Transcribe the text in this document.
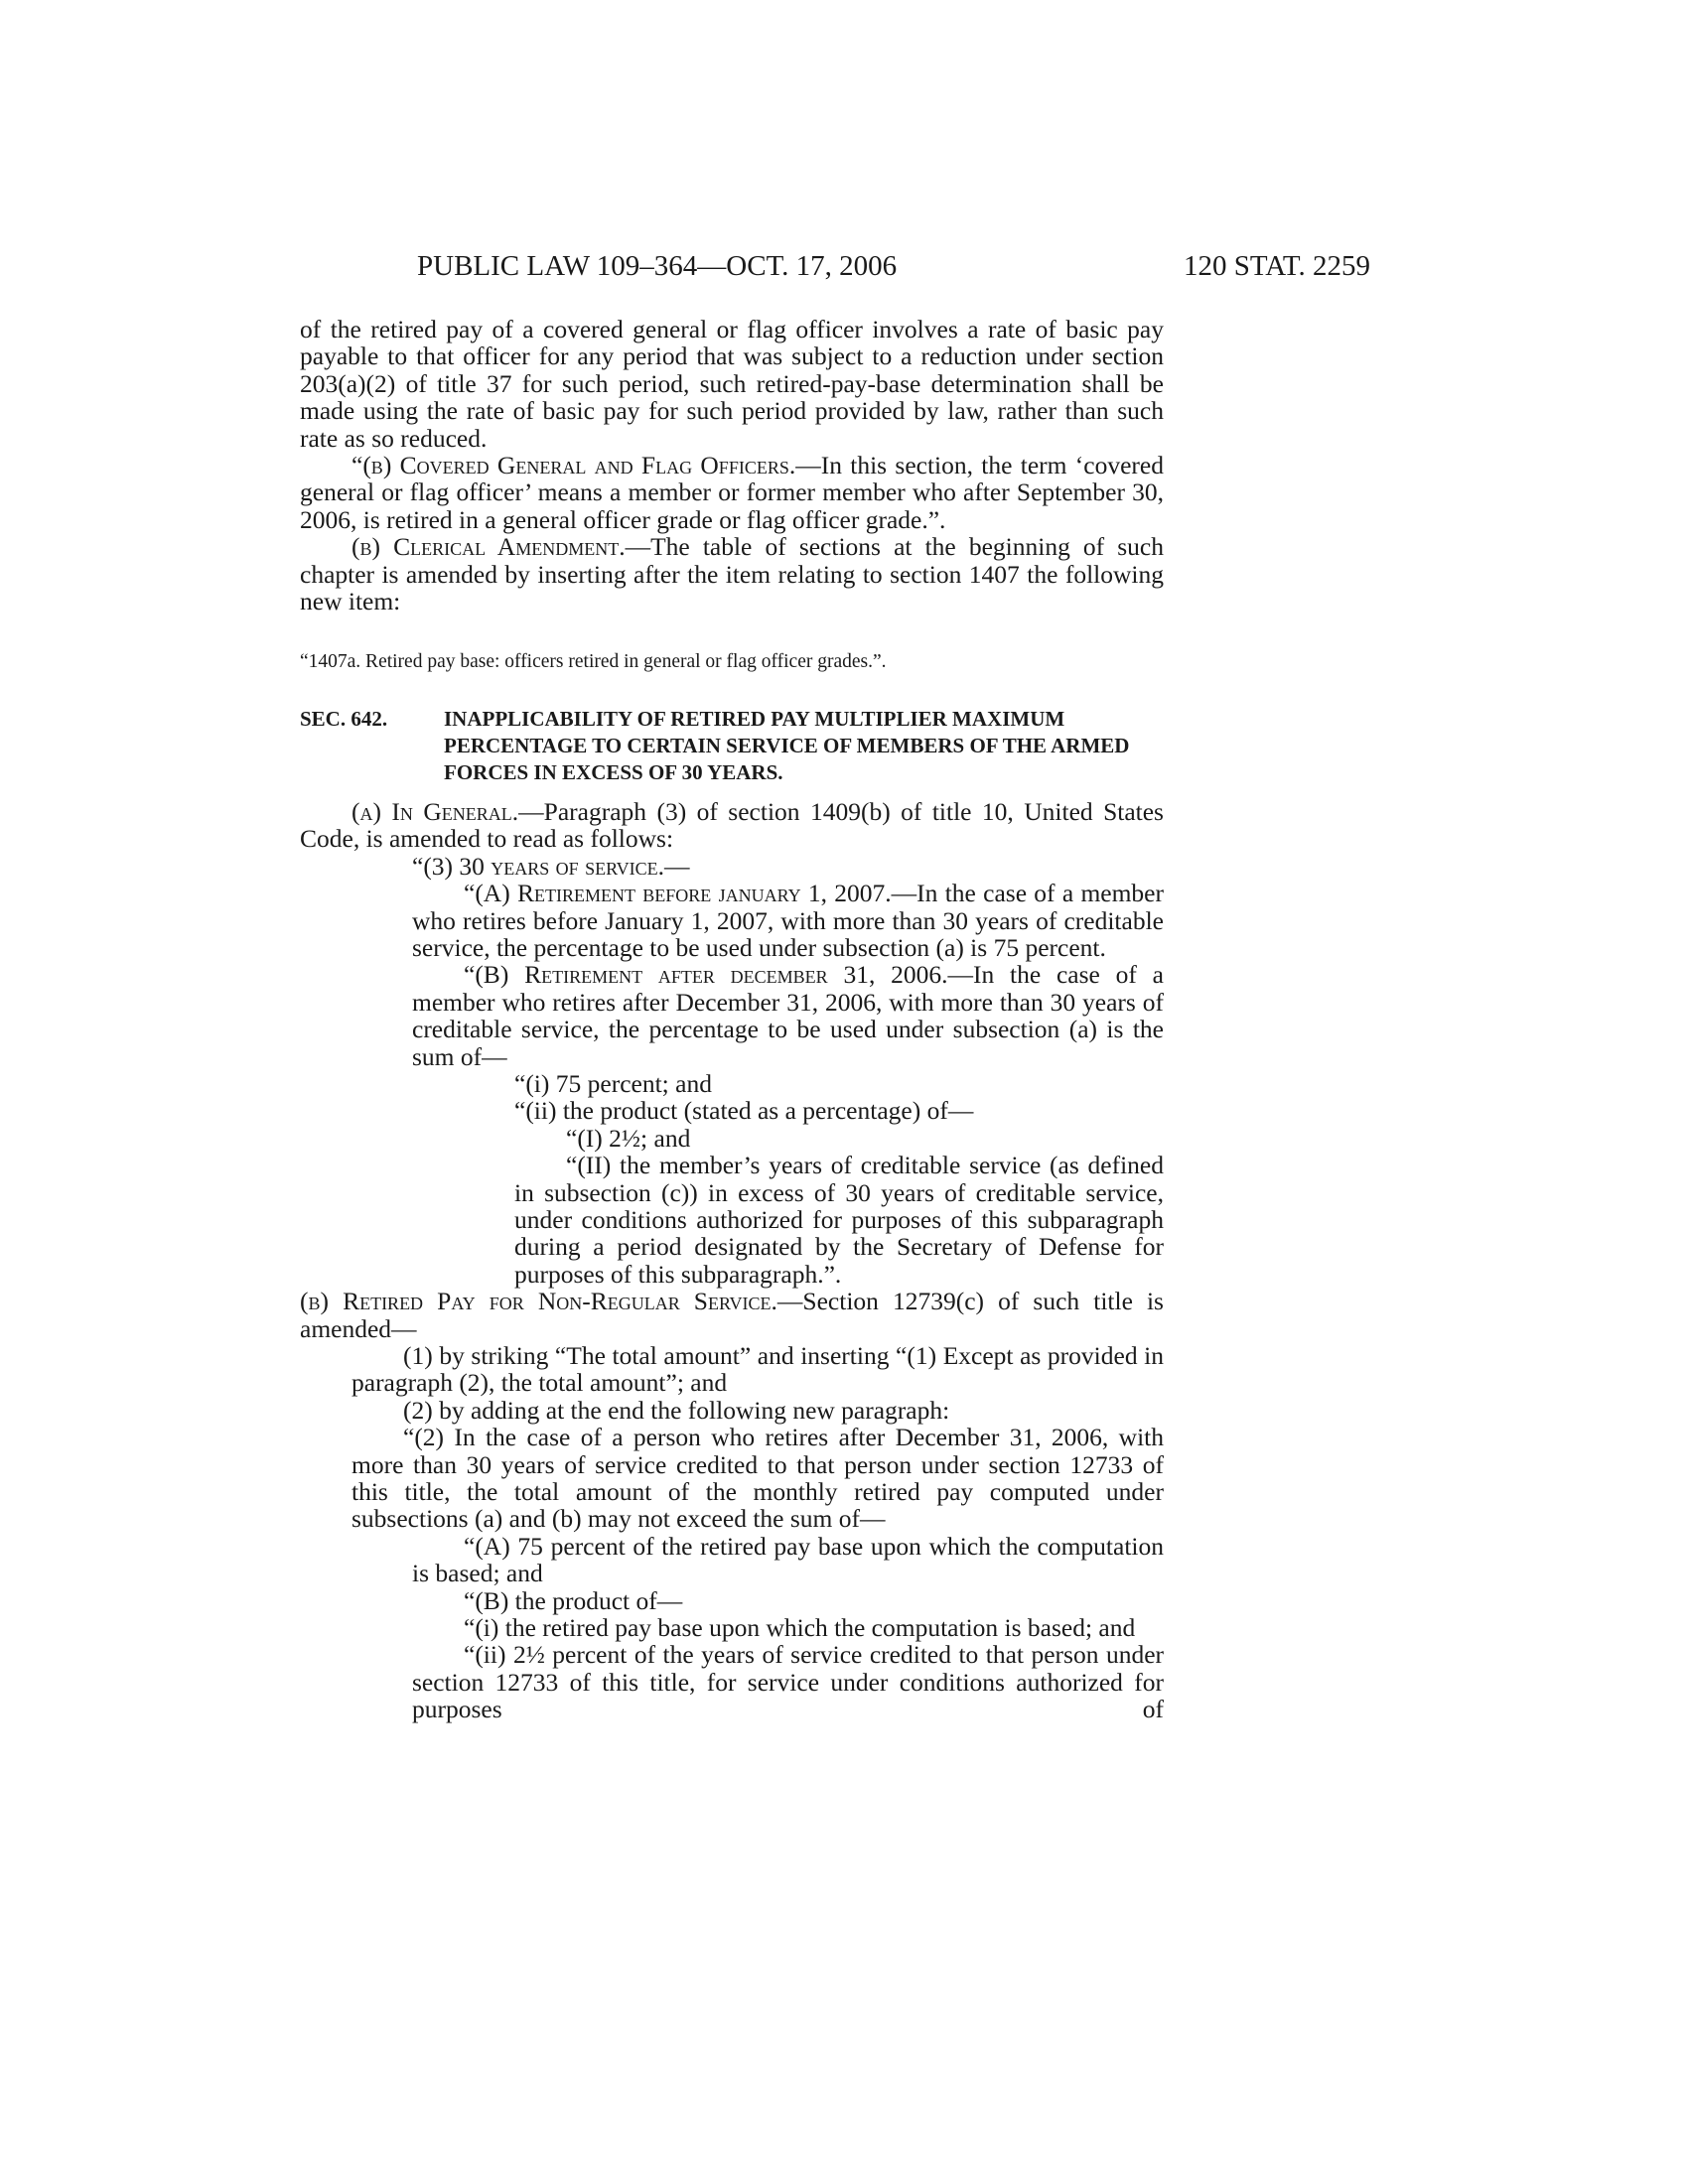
PUBLIC LAW 109–364—OCT. 17, 2006	120 STAT. 2259

of the retired pay of a covered general or flag officer involves a rate of basic pay payable to that officer for any period that was subject to a reduction under section 203(a)(2) of title 37 for such period, such retired-pay-base determination shall be made using the rate of basic pay for such period provided by law, rather than such rate as so reduced.

“(b) Covered General and Flag Officers.—In this section, the term ‘covered general or flag officer’ means a member or former member who after September 30, 2006, is retired in a general officer grade or flag officer grade.”.

(b) Clerical Amendment.—The table of sections at the beginning of such chapter is amended by inserting after the item relating to section 1407 the following new item:

“1407a. Retired pay base: officers retired in general or flag officer grades.”.

SEC. 642.	INAPPLICABILITY OF RETIRED PAY MULTIPLIER MAXIMUM PERCENTAGE TO CERTAIN SERVICE OF MEMBERS OF THE ARMED FORCES IN EXCESS OF 30 YEARS.

(a) In General.—Paragraph (3) of section 1409(b) of title 10, United States Code, is amended to read as follows:

“(3) 30 years of service.—

“(A) Retirement before january 1, 2007.—In the case of a member who retires before January 1, 2007, with more than 30 years of creditable service, the percentage to be used under subsection (a) is 75 percent.

“(B) Retirement after december 31, 2006.—In the case of a member who retires after December 31, 2006, with more than 30 years of creditable service, the percentage to be used under subsection (a) is the sum of—

“(i) 75 percent; and

“(ii) the product (stated as a percentage) of—

“(I) 2½; and

“(II) the member’s years of creditable service (as defined in subsection (c)) in excess of 30 years of creditable service, under conditions authorized for purposes of this subparagraph during a period designated by the Secretary of Defense for purposes of this subparagraph.”.

(b) Retired Pay for Non-Regular Service.—Section 12739(c) of such title is amended—

(1) by striking “The total amount” and inserting “(1) Except as provided in paragraph (2), the total amount”; and

(2) by adding at the end the following new paragraph:

“(2) In the case of a person who retires after December 31, 2006, with more than 30 years of service credited to that person under section 12733 of this title, the total amount of the monthly retired pay computed under subsections (a) and (b) may not exceed the sum of—

“(A) 75 percent of the retired pay base upon which the computation is based; and

“(B) the product of—

“(i) the retired pay base upon which the computation is based; and

“(ii) 2½ percent of the years of service credited to that person under section 12733 of this title, for service under conditions authorized for purposes of
